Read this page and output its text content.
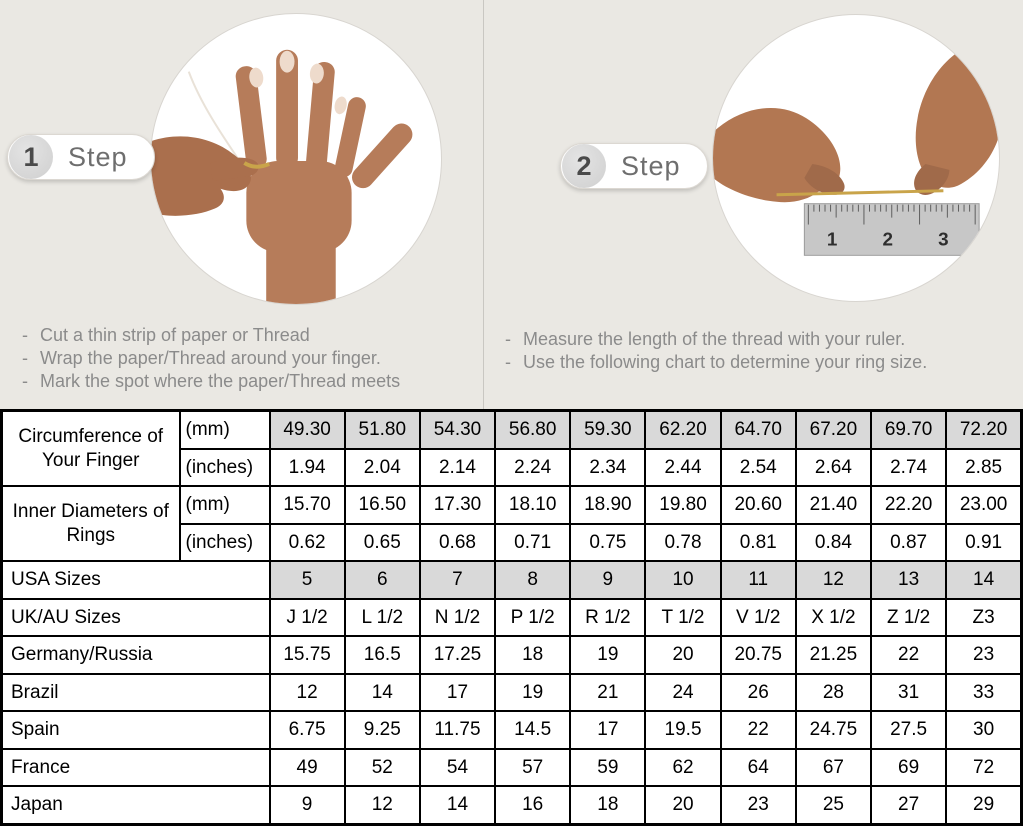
1 2 3
1	Step	2	Step
- Cut a thin strip of paper or Thread
- Wrap the paper/Thread around your finger.
- Mark the spot where the paper/Thread meets
- Measure the length of the thread with your ruler.
- Use the following chart to determine your ring size.
Circumference of Your Finger	(mm)	49.30	51.80	54.30	56.80	59.30	62.20	64.70	67.20	69.70	72.20
	(inches)	1.94	2.04	2.14	2.24	2.34	2.44	2.54	2.64	2.74	2.85
Inner Diameters of Rings	(mm)	15.70	16.50	17.30	18.10	18.90	19.80	20.60	21.40	22.20	23.00
	(inches)	0.62	0.65	0.68	0.71	0.75	0.78	0.81	0.84	0.87	0.91
USA Sizes		5	6	7	8	9	10	11	12	13	14
UK/AU Sizes		J 1/2	L 1/2	N 1/2	P 1/2	R 1/2	T 1/2	V 1/2	X 1/2	Z 1/2	Z3
Germany/Russia		15.75	16.5	17.25	18	19	20	20.75	21.25	22	23
Brazil		12	14	17	19	21	24	26	28	31	33
Spain		6.75	9.25	11.75	14.5	17	19.5	22	24.75	27.5	30
France		49	52	54	57	59	62	64	67	69	72
Japan		9	12	14	16	18	20	23	25	27	29
